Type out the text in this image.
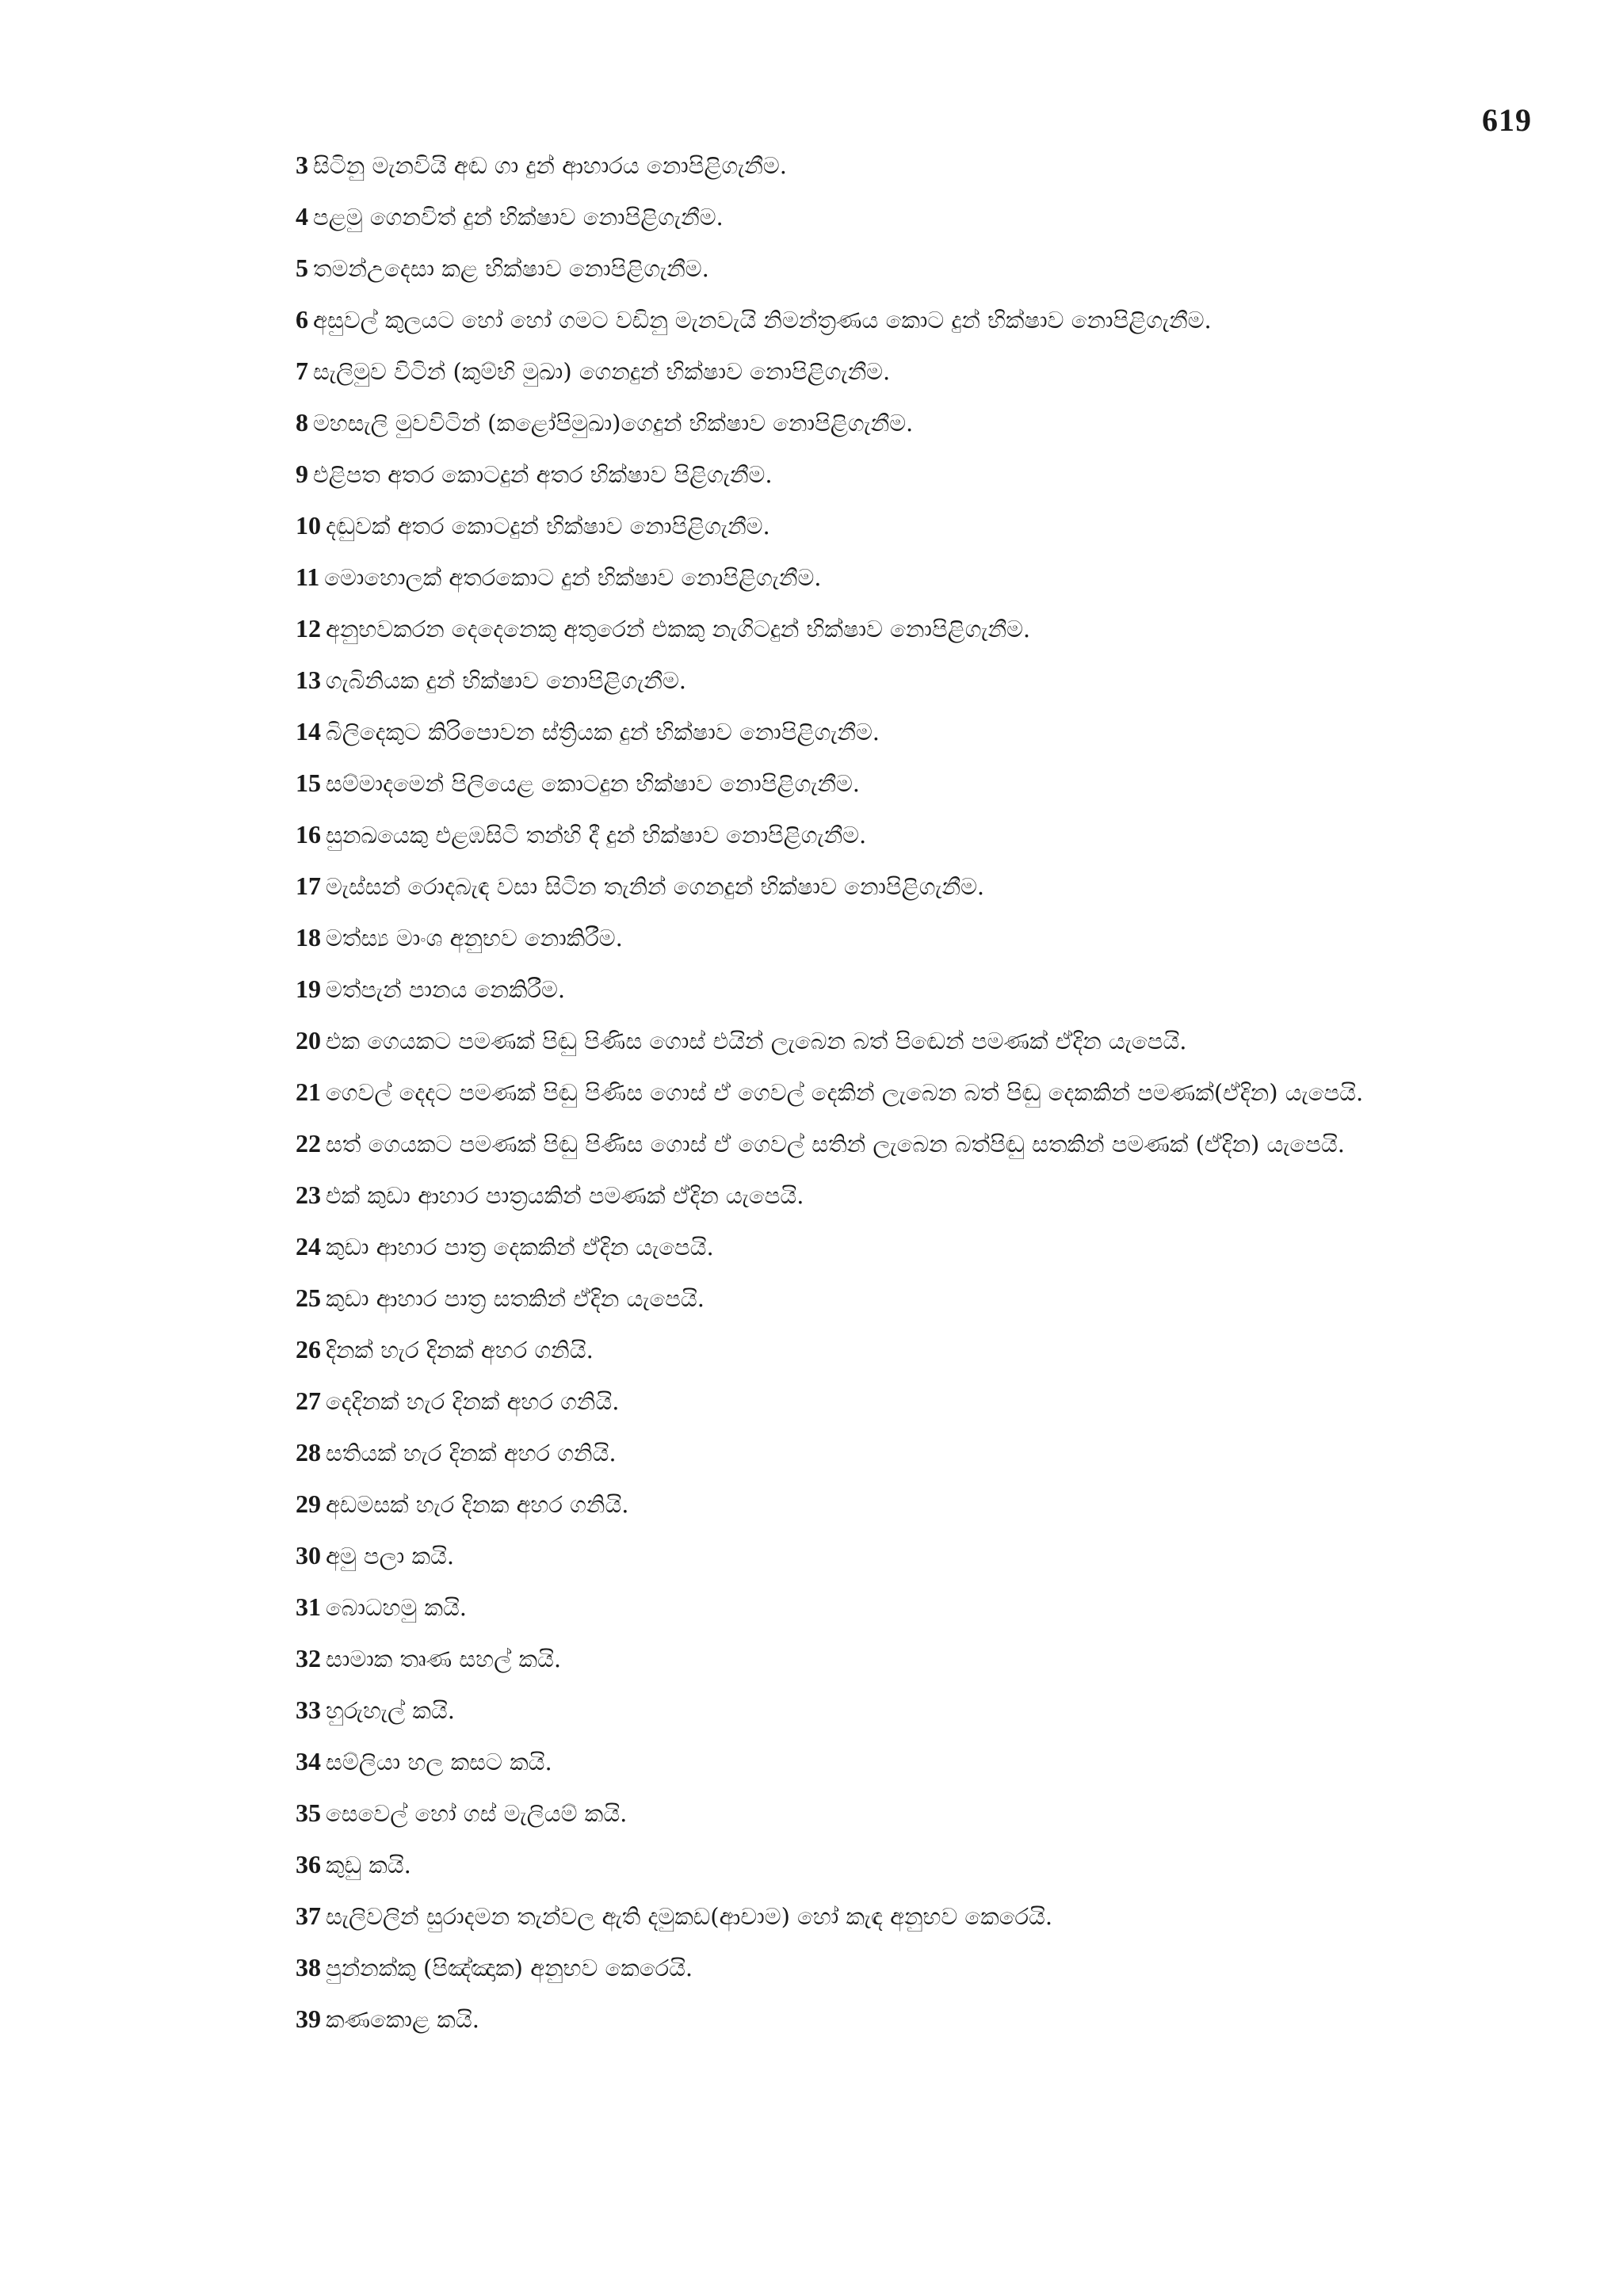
619
3 සිටිනු මැනවියි අඬ ගා දුන් ආහාරය නොපිළිගැනීම.
4 පළමු ගෙනවිත් දුන් භික්ෂාව නොපිළිගැනීම.
5 තමන්උදෙසා කළ භික්ෂාව නොපිළිගැනීම.
6 අසුවල් කුලයට හෝ හෝ ගමට වඩිනු මැනවැයි නිමන්ත්‍රණය කොට දුන් භික්ෂාව නොපිළිගැනීම.
7 සැලිමුව විටින් (කුම්භි මුඛා) ගෙනදුන් භික්ෂාව නොපිළිගැනීම.
8 මහසැලි මුවවිටින් (කළෝපිමුඛා)ගෙදුන් භික්ෂාව නොපිළිගැනීම.
9 එළිපත අතර කොටදුන් අතර භික්ෂාව පිළිගැනීම.
10 දඬුවක් අතර කොටදුන් භික්ෂාව නොපිළිගැනීම.
11 මොහොලක් අතරකොට දුන් භික්ෂාව නොපිළිගැනීම.
12 අනුභවකරන දෙදෙනෙකු අතුරෙන් එකකු නැගිටදුන් භික්ෂාව නොපිළිගැනීම.
13 ගැබිනියක දුන් භික්ෂාව නොපිළිගැනීම.
14 බිලිදෙකුට කිරිපොවන ස්ත්‍රියක දුන් භික්ෂාව නොපිළිගැනීම.
15 සම්මාදමෙන් පිලියෙළ කොටදුන භික්ෂාව නොපිළිගැනීම.
16 සුනඛයෙකු එළඹසිටි තන්හි දී දුන් භික්ෂාව නොපිළිගැනීම.
17 මැස්සන් රොදබැඳ වසා සිටින තැනින් ගෙනදුන් භික්ෂාව නොපිළිගැනීම.
18 මත්ස්‍ය මාංශ අනුභව නොකිරීම.
19 මත්පැන් පානය නෙකිරීම.
20 එක ගෙයකට පමණක් පිඬු පිණිස ගොස් එයින් ලැබෙන බත් පිඬෙන් පමණක් ඒදින යැපෙයි.
21 ගෙවල් දෙදට පමණක් පිඬු පිණිස ගොස් ඒ ගෙවල් දෙකින් ලැබෙන බත් පිඬු දෙකකින් පමණක්(ඒදින) යැපෙයි.
22 සත් ගෙයකට පමණක් පිඬු පිණිස ගොස් ඒ ගෙවල් සතින් ලැබෙන බත්පිඬු සතකින් පමණක් (ඒදින) යැපෙයි.
23 එක් කුඩා ආහාර පාත්‍රයකින් පමණක් ඒදින යැපෙයි.
24 කුඩා ආහාර පාත්‍ර දෙකකින් ඒදින යැපෙයි.
25 කුඩා ආහාර පාත්‍ර සතකින් ඒදින යැපෙයි.
26 දිනක් හැර දිනක් අහර ගනියි.
27 දෙදිනක් හැර දිනක් අහර ගනියි.
28 සතියක් හැර දිනක් අහර ගනියි.
29 අඩමසක් හැර දිනක අහර ගනියි.
30 අමු පලා කයි.
31 බොධහමු කයි.
32 සාමාක තෘණ සහල් කයි.
33 හුරුහැල් කයි.
34 සම්ලියා හල කසට කයි.
35 සෙවෙල් හෝ ගස් මැලියම් කයි.
36 කුඩු කයි.
37 සැලිවලින් සුරාදමන තැන්වල ඇති දමුකඩ(ආචාම) හෝ කැඳ අනුභව කෙරෙයි.
38 පුන්නක්කු (පිඤ්ඤාක) අනුභව කෙරෙයි.
39 කණකොළ කයි.
